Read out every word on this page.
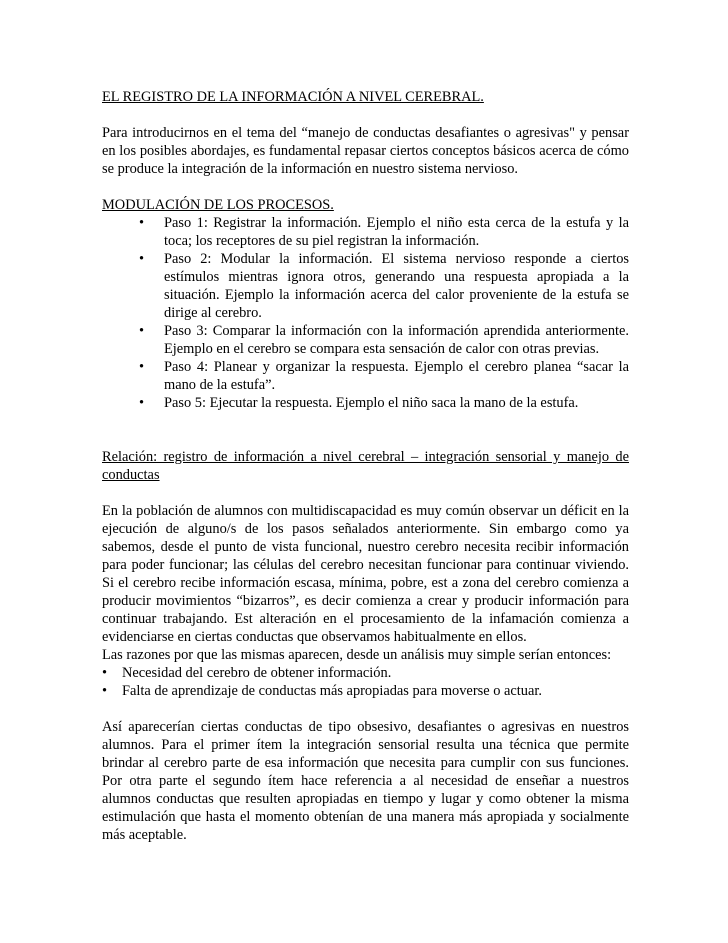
EL REGISTRO DE LA INFORMACIÓN A NIVEL CEREBRAL.

Para introducirnos en el tema del “manejo de conductas desafiantes o agresivas" y pensar en los posibles abordajes, es fundamental repasar ciertos conceptos básicos acerca de cómo se produce la integración de la información en nuestro sistema nervioso.

MODULACIÓN DE LOS PROCESOS.
• Paso 1: Registrar la información. Ejemplo el niño esta cerca de la estufa y la toca; los receptores de su piel registran la información.
• Paso 2: Modular la información. El sistema nervioso responde a ciertos estímulos mientras ignora otros, generando una respuesta apropiada a la situación. Ejemplo la información acerca del calor proveniente de la estufa se dirige al cerebro.
• Paso 3: Comparar la información con la información aprendida anteriormente. Ejemplo en el cerebro se compara esta sensación de calor con otras previas.
• Paso 4: Planear y organizar la respuesta. Ejemplo el cerebro planea “sacar la mano de la estufa”.
• Paso 5: Ejecutar la respuesta. Ejemplo el niño saca la mano de la estufa.

Relación: registro de información a nivel cerebral – integración sensorial y manejo de conductas

En la población de alumnos con multidiscapacidad es muy común observar un déficit en la ejecución de alguno/s de los pasos señalados anteriormente. Sin embargo como ya sabemos, desde el punto de vista funcional, nuestro cerebro necesita recibir información para poder funcionar; las células del cerebro necesitan funcionar para continuar viviendo. Si el cerebro recibe información escasa, mínima, pobre, est a zona del cerebro comienza a producir movimientos “bizarros”, es decir comienza a crear y producir información para continuar trabajando. Est alteración en el procesamiento de la infamación comienza a evidenciarse en ciertas conductas que observamos habitualmente en ellos.

Las razones por que las mismas aparecen, desde un análisis muy simple serían entonces:

• Necesidad del cerebro de obtener información.
• Falta de aprendizaje de conductas más apropiadas para moverse o actuar.

Así aparecerían ciertas conductas de tipo obsesivo, desafiantes o agresivas en nuestros alumnos. Para el primer ítem la integración sensorial resulta una técnica que permite brindar al cerebro parte de esa información que necesita para cumplir con sus funciones. Por otra parte el segundo ítem hace referencia a al necesidad de enseñar a nuestros alumnos conductas que resulten apropiadas en tiempo y lugar y como obtener la misma estimulación que hasta el momento obtenían de una manera más apropiada y socialmente más aceptable.
